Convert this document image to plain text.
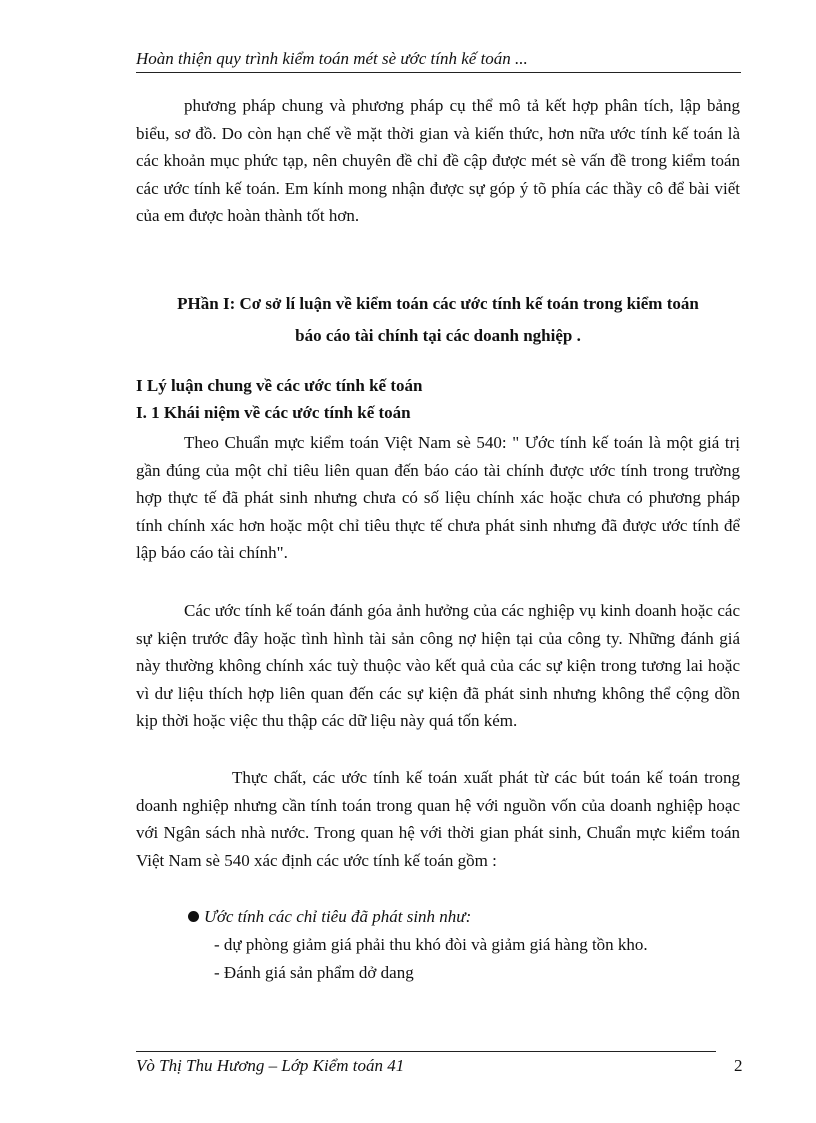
Hoàn thiện quy trình kiểm toán mét sè ước tính kế toán ...

phương pháp chung và phương pháp cụ thể mô tả kết hợp phân tích, lập bảng biểu, sơ đồ. Do còn hạn chế về mặt thời gian và kiến thức, hơn nữa ước tính kế toán là các khoản mục phức tạp, nên chuyên đề chỉ đề cập được mét sè vấn đề trong kiểm toán các ước tính kế toán. Em kính mong nhận được sự góp ý tõ phía các thầy cô để bài viết của em được hoàn thành tốt hơn.

PHần I: Cơ sở lí luận về kiểm toán các ước tính kế toán trong kiểm toán
báo cáo tài chính tại các doanh nghiệp .
I Lý luận chung về các ước tính kế toán
I. 1 Khái niệm về các ước tính kế toán

Theo Chuẩn mực kiểm toán Việt Nam sè 540: " Ước tính kế toán là một giá trị gần đúng của một chỉ tiêu liên quan đến báo cáo tài chính được ước tính trong trường hợp thực tế đã phát sinh nhưng chưa có số liệu chính xác hoặc chưa có phương pháp tính chính xác hơn hoặc một chỉ tiêu thực tế chưa phát sinh nhưng đã được ước tính để lập báo cáo tài chính".

Các ước tính kế toán đánh góa ảnh hưởng của các nghiệp vụ kinh doanh hoặc các sự kiện trước đây hoặc tình hình tài sản công nợ hiện tại của công ty. Những đánh giá này thường không chính xác tuỳ thuộc vào kết quả của các sự kiện trong tương lai hoặc vì dư liệu thích hợp liên quan đến các sự kiện đã phát sinh nhưng không thể cộng dồn kịp thời hoặc việc thu thập các dữ liệu này quá tốn kém.

Thực chất, các ước tính kế toán xuất phát từ các bút toán kế toán trong doanh nghiệp nhưng cần tính toán trong quan hệ với nguồn vốn của doanh nghiệp hoạc với Ngân sách nhà nước. Trong quan hệ với thời gian phát sinh, Chuẩn mực kiểm toán Việt Nam sè 540 xác định các ước tính kế toán gồm :

Ước tính các chỉ tiêu đã phát sinh như:
- dự phòng giảm giá phải thu khó đòi và giảm giá hàng tồn kho.
- Đánh giá sản phẩm dở dang
Vò Thị Thu Hương – Lớp Kiểm toán 41	2
